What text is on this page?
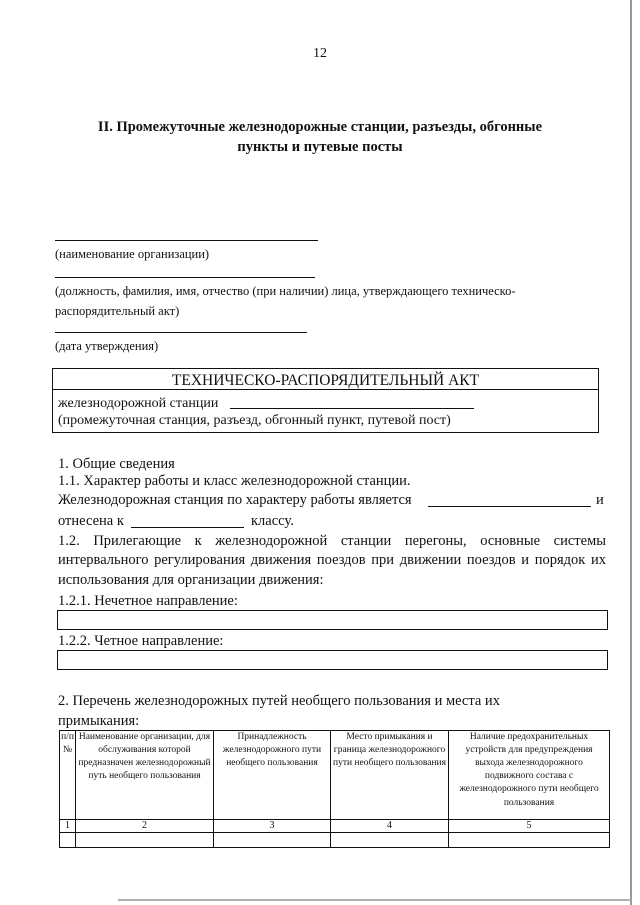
12
II. Промежуточные железнодорожные станции, разъезды, обгонные
пункты и путевые посты
(наименование организации)
(должность, фамилия, имя, отчество (при наличии) лица, утверждающего техническо-
распорядительный акт)
(дата утверждения)
ТЕХНИЧЕСКО-РАСПОРЯДИТЕЛЬНЫЙ АКТ
железнодорожной станции
(промежуточная станция, разъезд, обгонный пункт, путевой пост)
1. Общие сведения
1.1. Характер работы и класс железнодорожной станции.
Железнодорожная станция по характеру работы является	и
отнесена к	классу.
1.2. Прилегающие к железнодорожной станции перегоны, основные системы
интервального регулирования движения поездов при движении поездов и порядок их
использования для организации движения:
1.2.1. Нечетное направление:
1.2.2. Четное направление:
2. Перечень железнодорожных путей необщего пользования и места их
примыкания:
п/п №	Наименование организации, для обслуживания которой предназначен железнодорожный путь необщего пользования	Принадлежность железнодорожного пути необщего пользования	Место примыкания и граница железнодорожного пути необщего пользования	Наличие предохранительных устройств для предупреждения выхода железнодорожного подвижного состава с железнодорожного пути необщего пользования
1	2	3	4	5
